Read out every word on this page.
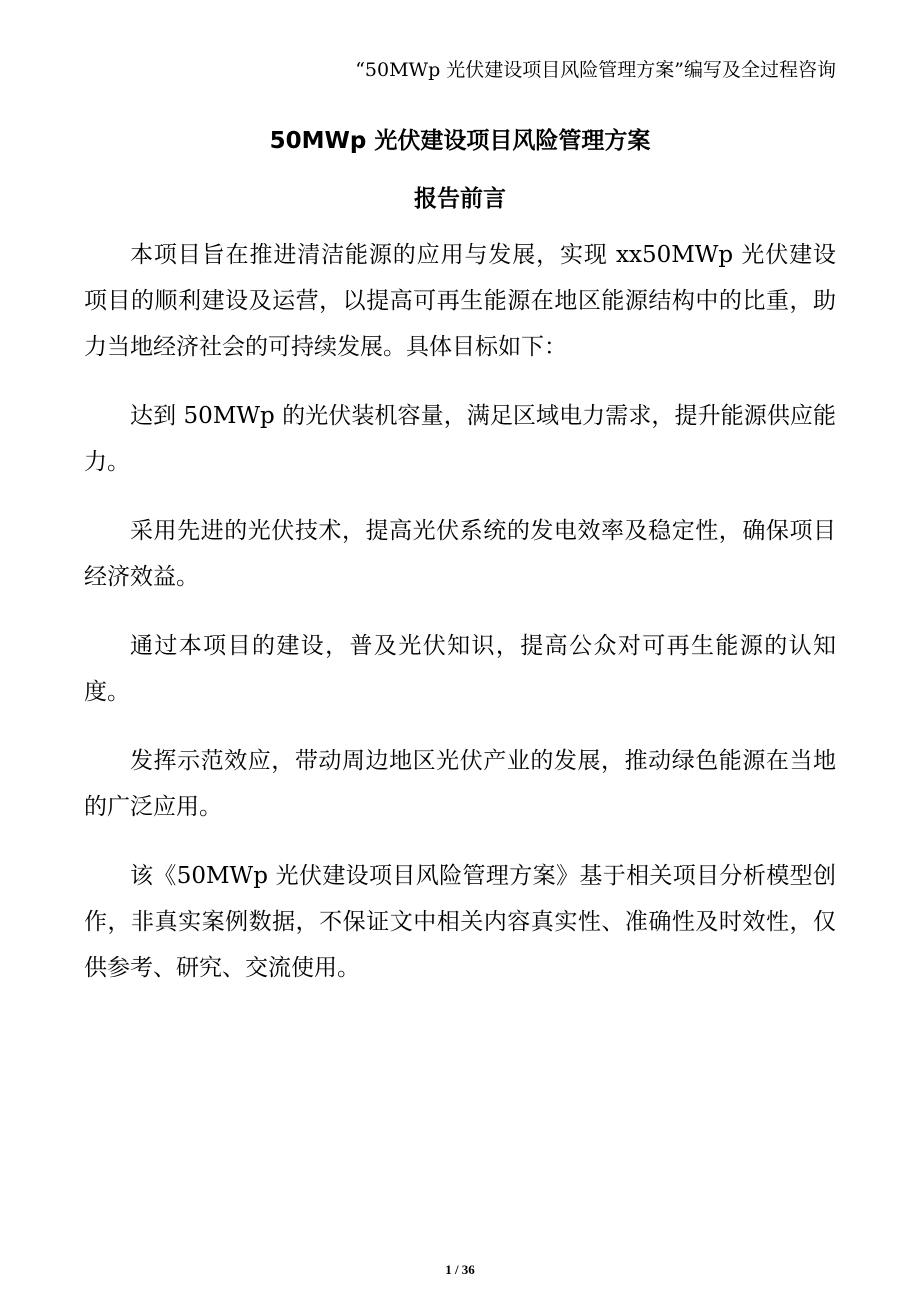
“50MWp 光伏建设项目风险管理方案”编写及全过程咨询
50MWp 光伏建设项目风险管理方案
报告前言

本项目旨在推进清洁能源的应用与发展，实现 xx50MWp 光伏建设项目的顺利建设及运营，以提高可再生能源在地区能源结构中的比重，助力当地经济社会的可持续发展。具体目标如下：

达到 50MWp 的光伏装机容量，满足区域电力需求，提升能源供应能力。

采用先进的光伏技术，提高光伏系统的发电效率及稳定性，确保项目经济效益。

通过本项目的建设，普及光伏知识，提高公众对可再生能源的认知度。

发挥示范效应，带动周边地区光伏产业的发展，推动绿色能源在当地的广泛应用。

该《50MWp 光伏建设项目风险管理方案》基于相关项目分析模型创作，非真实案例数据，不保证文中相关内容真实性、准确性及时效性，仅供参考、研究、交流使用。

1 / 36
